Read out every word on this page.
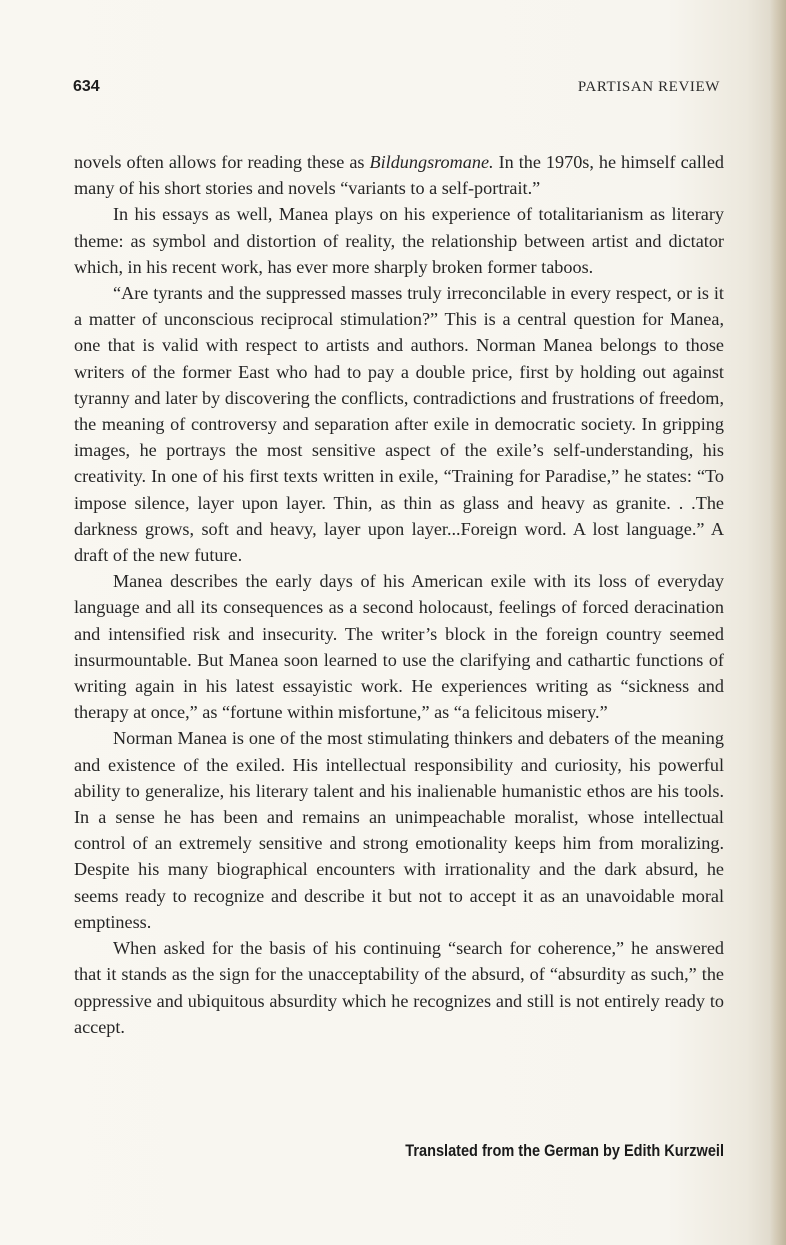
634	PARTISAN REVIEW

novels often allows for reading these as Bildungsromane. In the 1970s, he himself called many of his short stories and novels “variants to a self-portrait.”

In his essays as well, Manea plays on his experience of totalitarianism as literary theme: as symbol and distortion of reality, the relationship between artist and dictator which, in his recent work, has ever more sharply broken former taboos.

“Are tyrants and the suppressed masses truly irreconcilable in every respect, or is it a matter of unconscious reciprocal stimulation?” This is a central question for Manea, one that is valid with respect to artists and authors. Norman Manea belongs to those writers of the former East who had to pay a double price, first by holding out against tyranny and later by discovering the conflicts, contradictions and frustrations of freedom, the meaning of controversy and separation after exile in democratic society. In gripping images, he portrays the most sensitive aspect of the exile’s self-understanding, his creativity. In one of his first texts written in exile, “Training for Paradise,” he states: “To impose silence, layer upon layer. Thin, as thin as glass and heavy as granite. . .The darkness grows, soft and heavy, layer upon layer...Foreign word. A lost language.” A draft of the new future.

Manea describes the early days of his American exile with its loss of everyday language and all its consequences as a second holocaust, feelings of forced deracination and intensified risk and insecurity. The writer’s block in the foreign country seemed insurmountable. But Manea soon learned to use the clarifying and cathartic functions of writing again in his latest essayistic work. He experiences writing as “sickness and therapy at once,” as “fortune within misfortune,” as “a felicitous misery.”

Norman Manea is one of the most stimulating thinkers and debaters of the meaning and existence of the exiled. His intellectual responsibility and curiosity, his powerful ability to generalize, his literary talent and his inalienable humanistic ethos are his tools. In a sense he has been and remains an unimpeachable moralist, whose intellectual control of an extremely sensitive and strong emotionality keeps him from moralizing. Despite his many biographical encounters with irrationality and the dark absurd, he seems ready to recognize and describe it but not to accept it as an unavoidable moral emptiness.

When asked for the basis of his continuing “search for coherence,” he answered that it stands as the sign for the unacceptability of the absurd, of “absurdity as such,” the oppressive and ubiquitous absurdity which he recognizes and still is not entirely ready to accept.

Translated from the German by Edith Kurzweil
